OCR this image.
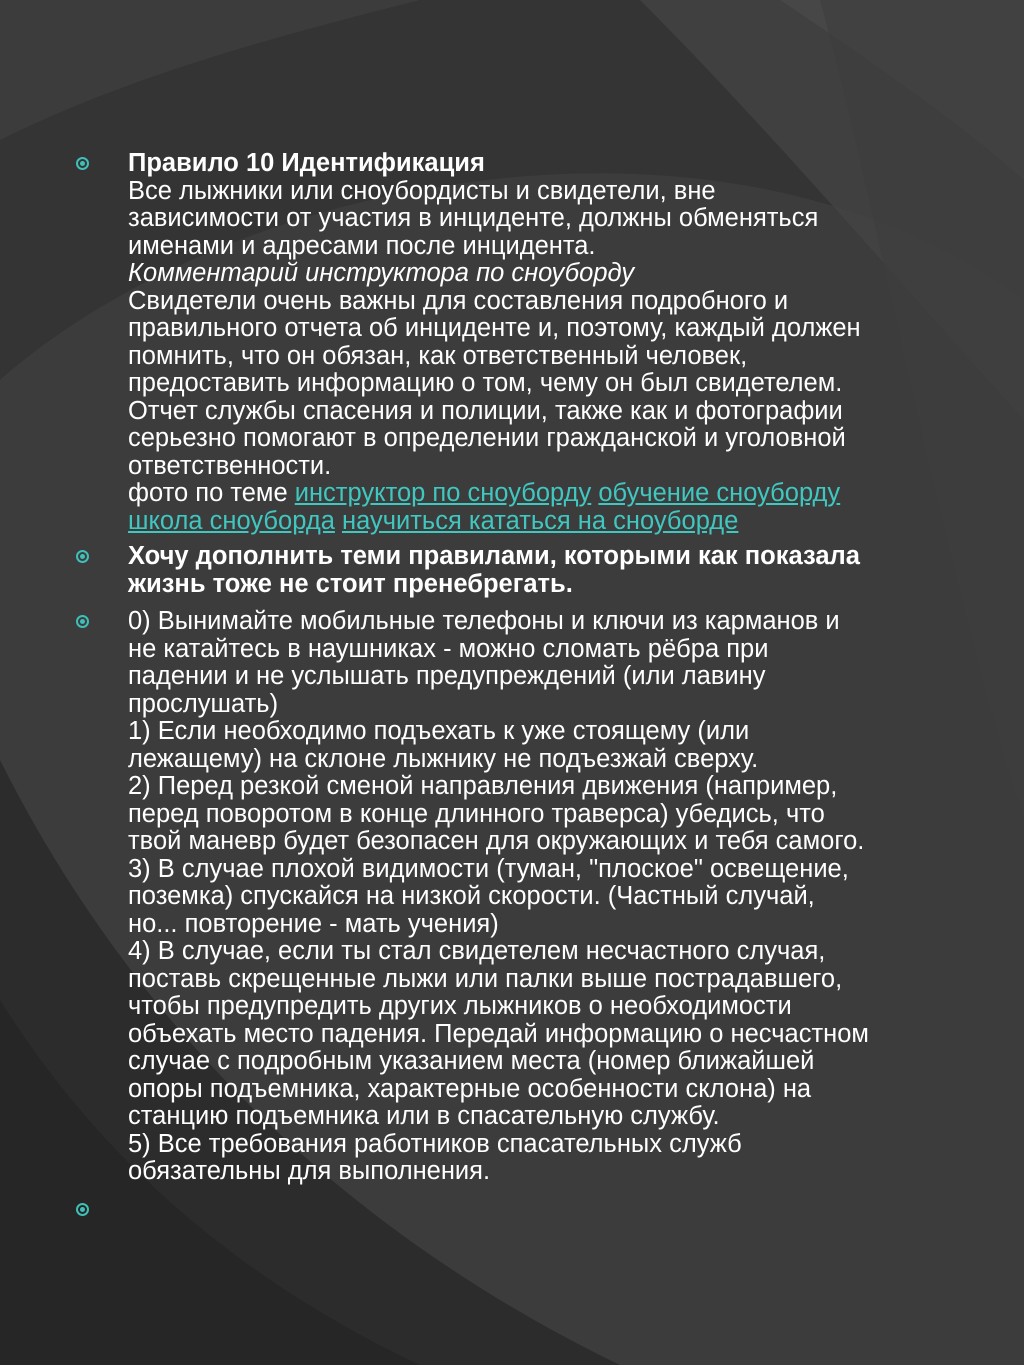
Правило 10 Идентификация
Все лыжники или сноубордисты и свидетели, вне
зависимости от участия в инциденте, должны обменяться
именами и адресами после инцидента.
Комментарий инструктора по сноуборду
Свидетели очень важны для составления подробного и
правильного отчета об инциденте и, поэтому, каждый должен
помнить, что он обязан, как ответственный человек,
предоставить информацию о том, чему он был свидетелем.
Отчет службы спасения и полиции, также как и фотографии
серьезно помогают в определении гражданской и уголовной
ответственности.
фото по теме инструктор по сноуборду обучение сноуборду
школа сноуборда научиться кататься на сноуборде
Хочу дополнить теми правилами, которыми как показала
жизнь тоже не стоит пренебрегать.
0) Вынимайте мобильные телефоны и ключи из карманов и
не катайтесь в наушниках - можно сломать рёбра при
падении и не услышать предупреждений (или лавину
прослушать)
1) Если необходимо подъехать к уже стоящему (или
лежащему) на склоне лыжнику не подъезжай сверху.
2) Перед резкой сменой направления движения (например,
перед поворотом в конце длинного траверса) убедись, что
твой маневр будет безопасен для окружающих и тебя самого.
3) В случае плохой видимости (туман, "плоское" освещение,
поземка) спускайся на низкой скорости. (Частный случай,
но... повторение - мать учения)
4) В случае, если ты стал свидетелем несчастного случая,
поставь скрещенные лыжи или палки выше пострадавшего,
чтобы предупредить других лыжников о необходимости
объехать место падения. Передай информацию о несчастном
случае с подробным указанием места (номер ближайшей
опоры подъемника, характерные особенности склона) на
станцию подъемника или в спасательную службу.
5) Все требования работников спасательных служб
обязательны для выполнения.
